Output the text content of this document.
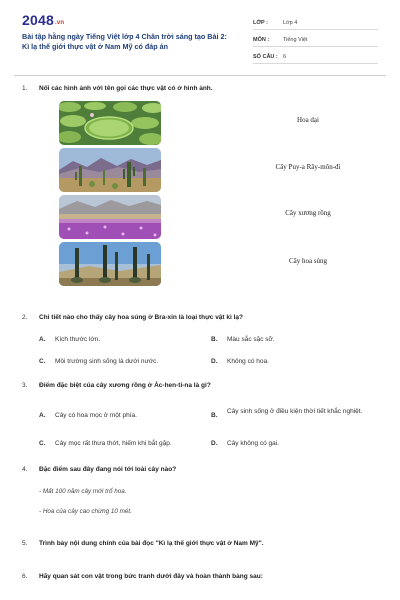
2048.vn
Bài tập hằng ngày Tiếng Việt lớp 4 Chân trời sáng tạo Bài 2: Kì lạ thế giới thực vật ở Nam Mỹ có đáp án
LỚP :	Lớp 4
MÔN :	Tiếng Việt
SỐ CÂU : 6
1. Nối các hình ảnh với tên gọi các thực vật có ở hình ảnh.
Hoa dại
Cây Puy-a Rây-môn-đi
Cây xương rồng
Cây hoa súng
2. Chi tiết nào cho thấy cây hoa súng ở Bra-xin là loại thực vật kì lạ?
A. Kích thước lớn.	B. Màu sắc sặc sỡ.
C. Môi trường sinh sống là dưới nước.	D. Không có hoa.
3. Điểm đặc biệt của cây xương rồng ở Ác-hen-ti-na là gì?
A. Cây có hoa mọc ở một phía.	B.
Cây sinh sống ở điều kiện thời tiết khắc nghiệt.
C. Cây mọc rất thưa thớt, hiếm khi bắt gặp.	D. Cây không có gai.
4. Đặc điểm sau đây đang nói tới loài cây nào?
- Mất 100 năm cây mới trổ hoa.
- Hoa của cây cao chừng 10 mét.
5. Trình bày nội dung chính của bài đọc "Kì lạ thế giới thực vật ở Nam Mỹ".
6. Hãy quan sát con vật trong bức tranh dưới đây và hoàn thành bảng sau:
